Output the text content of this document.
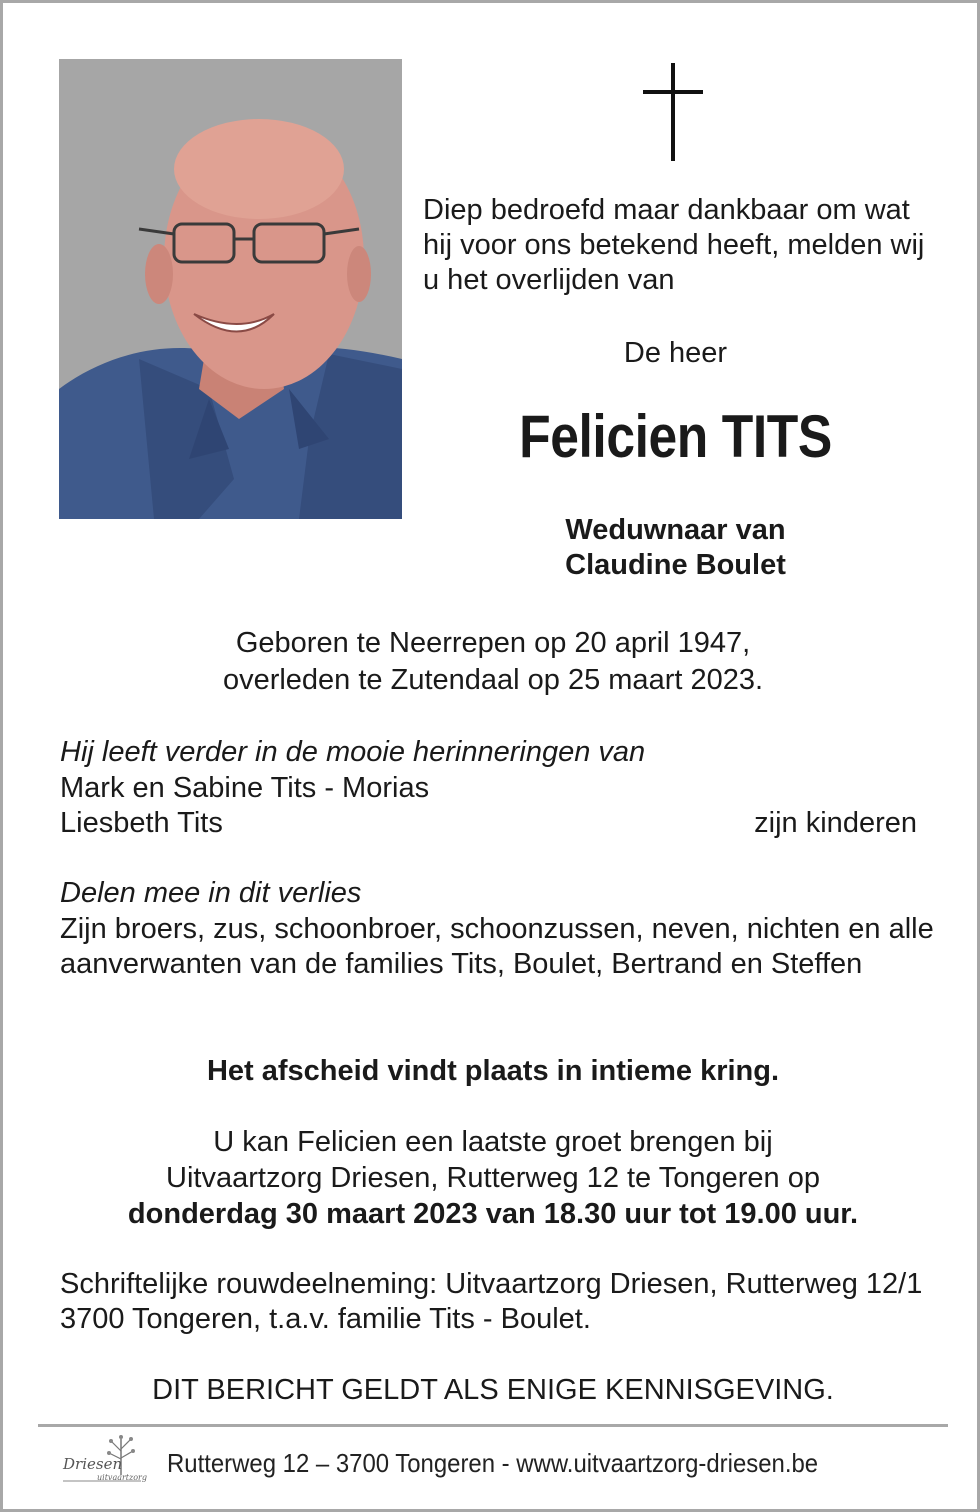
Diep bedroefd maar dankbaar om wat hij voor ons betekend heeft, melden wij u het overlijden van
De heer
Felicien TITS
Weduwnaar van
Claudine Boulet
Geboren te Neerrepen op 20 april 1947,
overleden te Zutendaal op 25 maart 2023.
Hij leeft verder in de mooie herinneringen van
Mark en Sabine Tits - Morias
Liesbeth Tits	zijn kinderen
Delen mee in dit verlies
Zijn broers, zus, schoonbroer, schoonzussen, neven, nichten en alle aanverwanten van de families Tits, Boulet, Bertrand en Steffen
Het afscheid vindt plaats in intieme kring.
U kan Felicien een laatste groet brengen bij
Uitvaartzorg Driesen, Rutterweg 12 te Tongeren op
donderdag 30 maart 2023 van 18.30 uur tot 19.00 uur.
Schriftelijke rouwdeelneming: Uitvaartzorg Driesen, Rutterweg 12/1 3700 Tongeren, t.a.v. familie Tits - Boulet.
DIT BERICHT GELDT ALS ENIGE KENNISGEVING.
Driesen
uitvaartzorg Rutterweg 12 – 3700 Tongeren - www.uitvaartzorg-driesen.be
